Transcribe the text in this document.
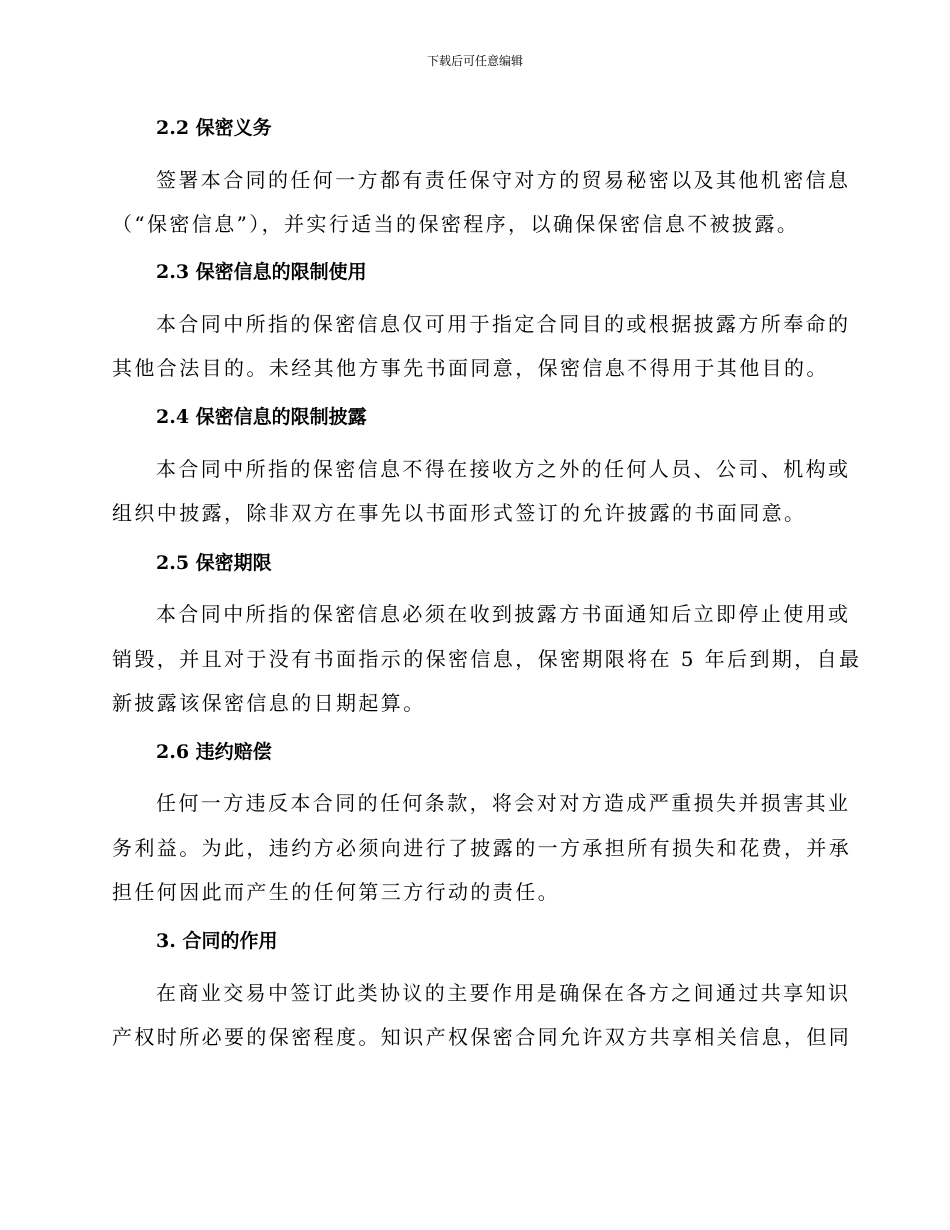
下载后可任意编辑
2.2 保密义务
签署本合同的任何一方都有责任保守对方的贸易秘密以及其他机密信息
（“保密信息”），并实行适当的保密程序，以确保保密信息不被披露。
2.3 保密信息的限制使用
本合同中所指的保密信息仅可用于指定合同目的或根据披露方所奉命的
其他合法目的。未经其他方事先书面同意，保密信息不得用于其他目的。
2.4 保密信息的限制披露
本合同中所指的保密信息不得在接收方之外的任何人员、公司、机构或
组织中披露，除非双方在事先以书面形式签订的允许披露的书面同意。
2.5 保密期限
本合同中所指的保密信息必须在收到披露方书面通知后立即停止使用或
销毁，并且对于没有书面指示的保密信息，保密期限将在 5 年后到期，自最
新披露该保密信息的日期起算。
2.6 违约赔偿
任何一方违反本合同的任何条款，将会对对方造成严重损失并损害其业
务利益。为此，违约方必须向进行了披露的一方承担所有损失和花费，并承
担任何因此而产生的任何第三方行动的责任。
3. 合同的作用
在商业交易中签订此类协议的主要作用是确保在各方之间通过共享知识
产权时所必要的保密程度。知识产权保密合同允许双方共享相关信息，但同
